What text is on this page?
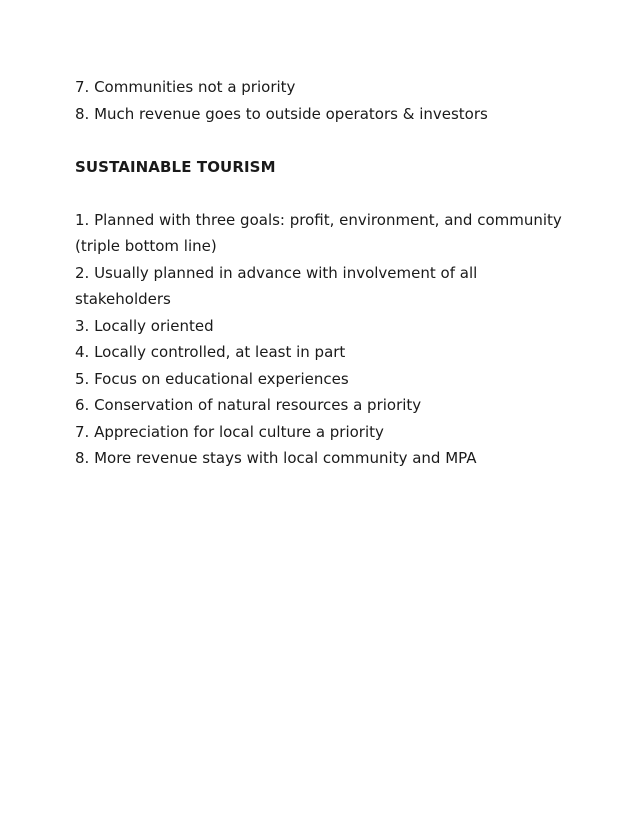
7. Communities not a priority
8. Much revenue goes to outside operators & investors
SUSTAINABLE TOURISM
1. Planned with three goals: profit, environment, and community
(triple bottom line)
2. Usually planned in advance with involvement of all
stakeholders
3. Locally oriented
4. Locally controlled, at least in part
5. Focus on educational experiences
6. Conservation of natural resources a priority
7. Appreciation for local culture a priority
8. More revenue stays with local community and MPA
